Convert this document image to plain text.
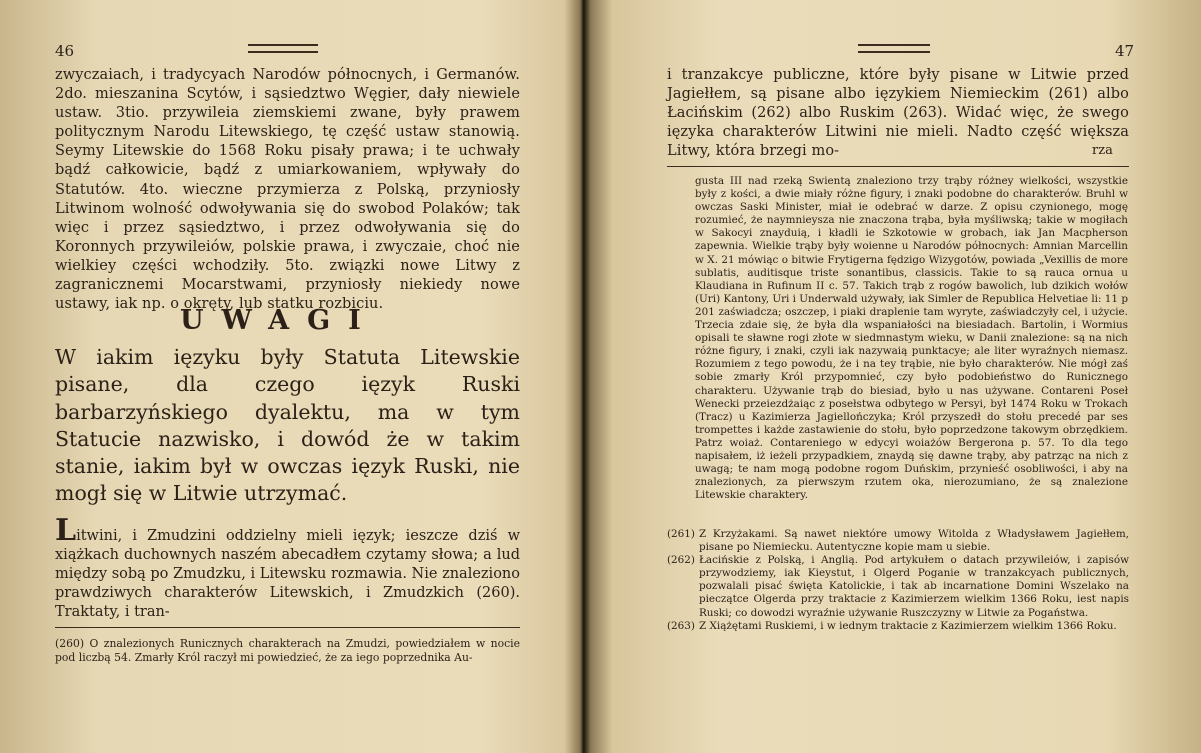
46

zwyczaiach, i tradycyach Narodów północnych, i Germanów. 2do. mieszanina Scytów, i sąsiedztwo Węgier, dały niewiele ustaw. 3tio. przywileia ziemskiemi zwane, były prawem politycznym Narodu Litewskiego, tę część ustaw stanowią. Seymy Litewskie do 1568 Roku pisały prawa; i te uchwały bądź całkowicie, bądź z umiarkowaniem, wpływały do Statutów. 4to. wieczne przymierza z Polską, przyniosły Litwinom wolność odwoływania się do swobod Polaków; tak więc i przez sąsiedztwo, i przez odwoływania się do Koronnych przywileiów, polskie prawa, i zwyczaie, choć nie wielkiey części wchodziły. 5to. związki nowe Litwy z zagranicznemi Mocarstwami, przyniosły niekiedy nowe ustawy, iak np. o okręty, lub statku rozbiciu.

UWAGI
W iakim ięzyku były Statuta Litewskie pisane, dla czego ięzyk Ruski barbarzyńskiego dyalektu, ma w tym Statucie nazwisko, i dowód że w takim stanie, iakim był w owczas ięzyk Ruski, nie mogł się w Litwie utrzymać.
Litwini, i Zmudzini oddzielny mieli ięzyk; ieszcze dziś w xiążkach duchownych naszém abecadłem czytamy słowa; a lud między sobą po Zmudzku, i Litewsku rozmawia. Nie znaleziono prawdziwych charakterów Litewskich, i Zmudzkich (260). Traktaty, i tran-
(260) O znalezionych Runicznych charakterach na Zmudzi, powiedziałem w nocie pod liczbą 54. Zmarły Król raczył mi powiedzieć, że za iego poprzednika Au-
47
i tranzakcye publiczne, które były pisane w Litwie przed Jagiełłem, są pisane albo ięzykiem Niemieckim (261) albo Łacińskim (262) albo Ruskim (263). Widać więc, że swego ięzyka charakterów Litwini nie mieli. Nadto część większa Litwy, która brzegi mo-	rza
gusta III nad rzeką Swientą znaleziono trzy trąby różney wielkości, wszystkie były z kości, a dwie miały różne figury, i znaki podobne do charakterów. Bruhl w owczas Saski Minister, miał ie odebrać w darze. Z opisu czynionego, mogę rozumieć, że naymnieysza nie znaczona trąba, była myśliwską; takie w mogiłach w Sakocyi znayduią, i kładli ie Szkotowie w grobach, iak Jan Macpherson zapewnia. Wielkie trąby były woienne u Narodów północnych: Amnian Marcellin w X. 21 mówiąc o bitwie Frytigerna fędzigo Wizygotów, powiada „Vexillis de more sublatis, auditisque triste sonantibus, classicis. Takie to są rauca ornua u Klaudiana in Rufinum II c. 57. Takich trąb z rogów bawolich, lub dzikich wołów (Uri) Kantony, Uri i Underwald używały, iak Simler de Republica Helvetiae li: 11 p 201 zaświadcza; oszczep, i piaki draplenie tam wyryte, zaświadczyły cel, i użycie. Trzecia zdaie się, że była dla wspaniałości na biesiadach. Bartolin, i Wormius opisali te sławne rogi złote w siedmnastym wieku, w Danii znalezione: są na nich różne figury, i znaki, czyli iak nazywaią punktacye; ale liter wyraźnych niemasz. Rozumiem z tego powodu, że i na tey trąbie, nie było charakterów. Nie mógł zaś sobie zmarły Król przypomnieć, czy było podobieństwo do Runicznego charakteru. Używanie trąb do biesiad, było u nas używane. Contareni Poseł Wenecki przeiezdżaiąc z posełstwa odbytego w Persyi, był 1474 Roku w Trokach (Tracz) u Kazimierza Jagiellończyka; Król przyszedł do stołu precedé par ses trompettes i każde zastawienie do stołu, było poprzedzone takowym obrzędkiem. Patrz woiaż. Contareniego w edycyi woiażów Bergerona p. 57. To dla tego napisałem, iż ieżeli przypadkiem, znaydą się dawne trąby, aby patrząc na nich z uwagą; te nam mogą podobne rogom Duńskim, przynieść osobliwości, i aby na znalezionych, za pierwszym rzutem oka, nierozumiano, że są znalezione Litewskie charaktery.
(261) Z Krzyżakami. Są nawet niektóre umowy Witolda z Władysławem Jagiełłem, pisane po Niemiecku. Autentyczne kopie mam u siebie.
(262) Łacińskie z Polską, i Anglią. Pod artykułem o datach przywileiów, i zapisów przywodziemy, iak Kieystut, i Olgerd Poganie w tranzakcyach publicznych, pozwalali pisać święta Katolickie, i tak ab incarnatione Domini Wszelako na pieczątce Olgerda przy traktacie z Kazimierzem wielkim 1366 Roku, iest napis Ruski; co dowodzi wyraźnie używanie Ruszczyzny w Litwie za Pogaństwa.
(263) Z Xiążętami Ruskiemi, i w iednym traktacie z Kazimierzem wielkim 1366 Roku.
